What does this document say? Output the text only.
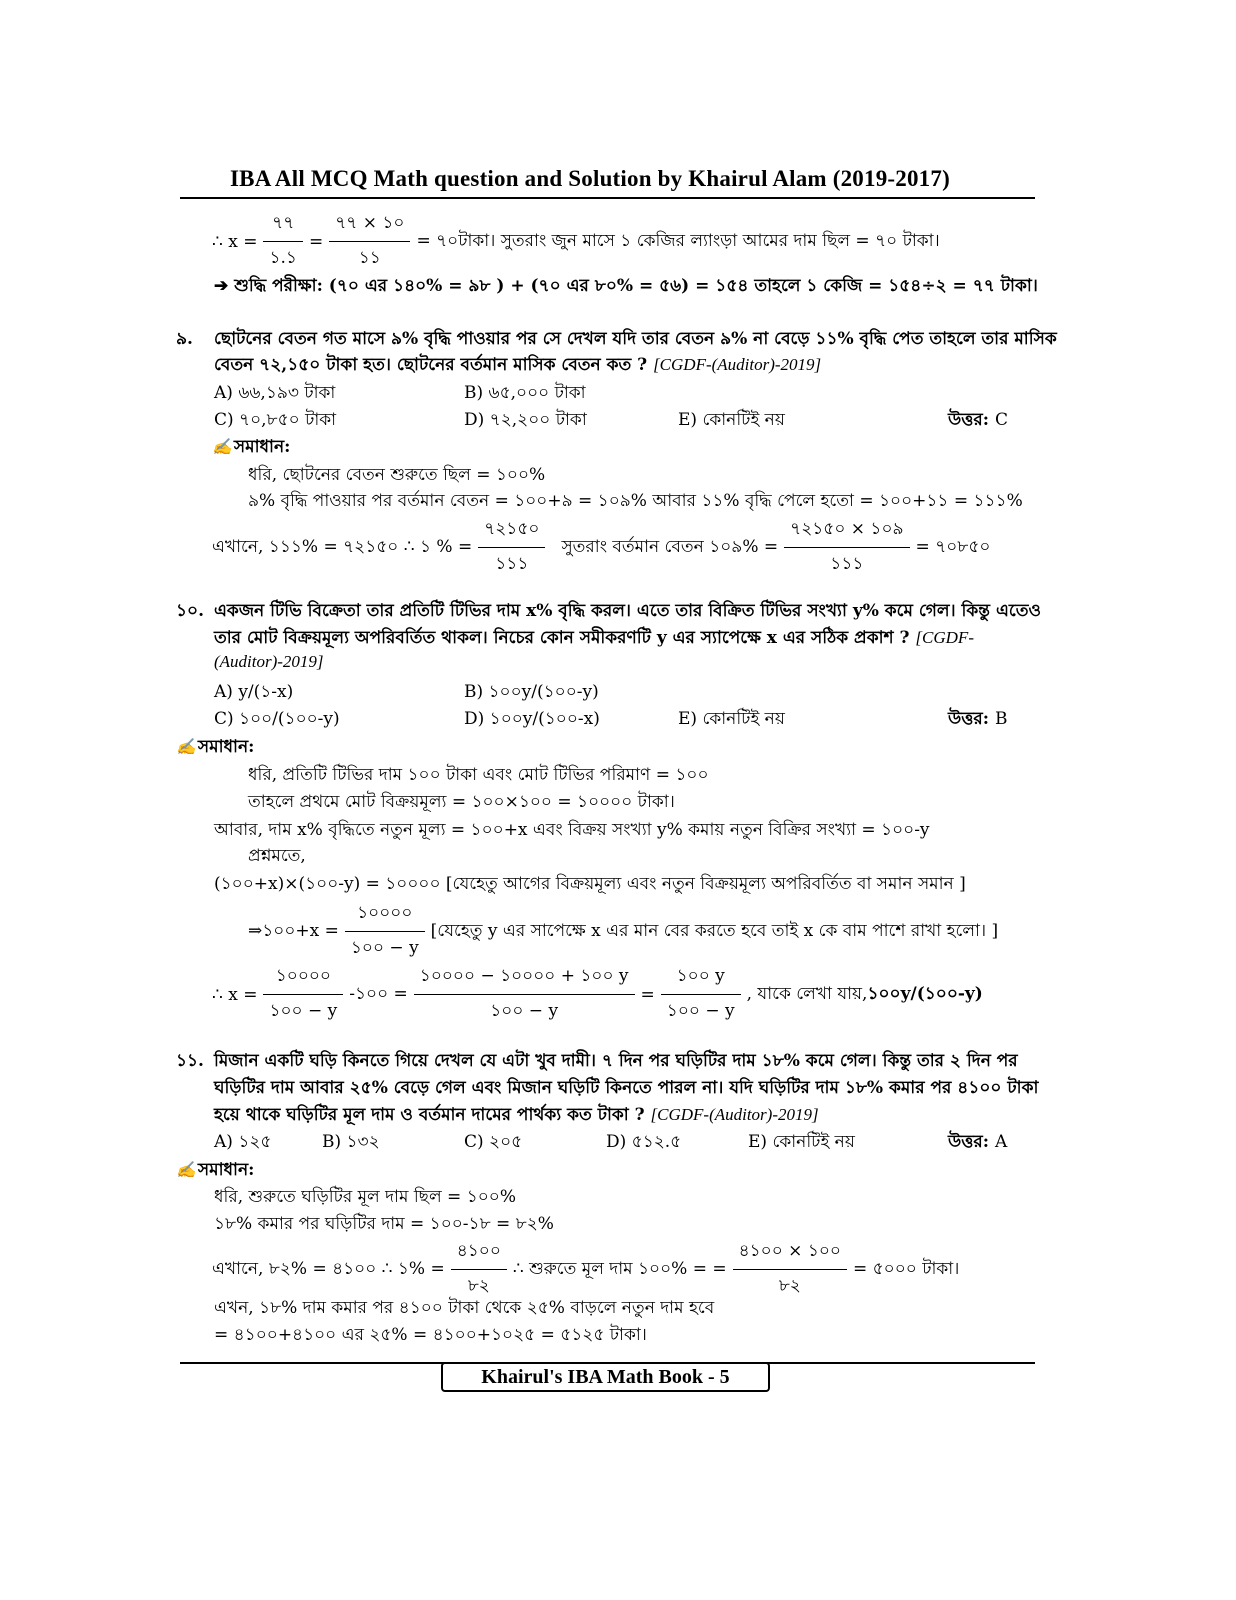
IBA All MCQ Math question and Solution by Khairul Alam (2019-2017)
∴ $x = \frac{৭৭}{১.১} = \frac{৭৭ \times ১০}{১১}$ = ৭০টাকা। সুতরাং জুন মাসে ১ কেজির ল্যাংড়া আমের দাম ছিল = ৭০ টাকা।
➔ শুদ্ধি পরীক্ষা: (৭০ এর ১৪০% = ৯৮ ) + (৭০ এর ৮০% = ৫৬) = ১৫৪ তাহলে ১ কেজি = ১৫৪÷২ = ৭৭ টাকা।
৯. ছোটনের বেতন গত মাসে ৯% বৃদ্ধি পাওয়ার পর সে দেখল যদি তার বেতন ৯% না বেড়ে ১১% বৃদ্ধি পেত তাহলে তার মাসিক
বেতন ৭২,১৫০ টাকা হত। ছোটনের বর্তমান মাসিক বেতন কত ? [CGDF-(Auditor)-2019]
A) ৬৬,১৯৩ টাকা	B) ৬৫,০০০ টাকা
C) ৭০,৮৫০ টাকা	D) ৭২,২০০ টাকা	E) কোনটিই নয়	উত্তর: C
✍ সমাধান:
ধরি, ছোটনের বেতন শুরুতে ছিল = ১০০%
৯% বৃদ্ধি পাওয়ার পর বর্তমান বেতন = ১০০+৯ = ১০৯% আবার ১১% বৃদ্ধি পেলে হতো = ১০০+১১ = ১১১%
এখানে, ১১১% = ৭২১৫০ ∴ ১ % = $\frac{৭২১৫০}{১১১}$ সুতরাং বর্তমান বেতন ১০৯% = $\frac{৭২১৫০ \times ১০৯}{১১১}$ = ৭০৮৫০
১০. একজন টিভি বিক্রেতা তার প্রতিটি টিভির দাম x% বৃদ্ধি করল। এতে তার বিক্রিত টিভির সংখ্যা y% কমে গেল। কিন্তু এতেও
তার মোট বিক্রয়মূল্য অপরিবর্তিত থাকল। নিচের কোন সমীকরণটি y এর স্যাপেক্ষে x এর সঠিক প্রকাশ ? [CGDF-
(Auditor)-2019]
A) y/(১-x)	B) ১০০y/(১০০-y)
C) ১০০/(১০০-y)	D) ১০০y/(১০০-x)	E) কোনটিই নয়	উত্তর: B
✍ সমাধান:
ধরি, প্রতিটি টিভির দাম ১০০ টাকা এবং মোট টিভির পরিমাণ = ১০০
তাহলে প্রথমে মোট বিক্রয়মূল্য = ১০০×১০০ = ১০০০০ টাকা।
আবার, দাম x% বৃদ্ধিতে নতুন মূল্য = ১০০+x এবং বিক্রয় সংখ্যা y% কমায় নতুন বিক্রির সংখ্যা = ১০০-y
প্রশ্নমতে,
(১০০+x)×(১০০-y) = ১০০০০ [যেহেতু আগের বিক্রয়মূল্য এবং নতুন বিক্রয়মূল্য অপরিবর্তিত বা সমান সমান ]
⇒১০০+x = $\frac{১০০০০}{১০০ - y}$ [যেহেতু y এর সাপেক্ষে x এর মান বের করতে হবে তাই x কে বাম পাশে রাখা হলো। ]
∴ $x = \frac{১০০০০}{১০০ - y}$ -১০০ = $\frac{১০০০০ - ১০০০০ + ১০০ y}{১০০ - y} = \frac{১০০ y}{১০০ - y}$ , যাকে লেখা যায়, ১০০y/(১০০-y)
১১. মিজান একটি ঘড়ি কিনতে গিয়ে দেখল যে এটা খুব দামী। ৭ দিন পর ঘড়িটির দাম ১৮% কমে গেল। কিন্তু তার ২ দিন পর
ঘড়িটির দাম আবার ২৫% বেড়ে গেল এবং মিজান ঘড়িটি কিনতে পারল না। যদি ঘড়িটির দাম ১৮% কমার পর ৪১০০ টাকা
হয়ে থাকে ঘড়িটির মূল দাম ও বর্তমান দামের পার্থক্য কত টাকা ? [CGDF-(Auditor)-2019]
A) ১২৫	B) ১৩২	C) ২০৫	D) ৫১২.৫	E) কোনটিই নয়	উত্তর: A
✍ সমাধান:
ধরি, শুরুতে ঘড়িটির মূল দাম ছিল = ১০০%
১৮% কমার পর ঘড়িটির দাম = ১০০-১৮ = ৮২%
এখানে, ৮২% = ৪১০০ ∴ ১% = $\frac{৪১০০}{৮২}$ ∴ শুরুতে মূল দাম ১০০% = = $\frac{৪১০০ \times ১০০}{৮২}$ = ৫০০০ টাকা।
এখন, ১৮% দাম কমার পর ৪১০০ টাকা থেকে ২৫% বাড়লে নতুন দাম হবে
= ৪১০০+৪১০০ এর ২৫% = ৪১০০+১০২৫ = ৫১২৫ টাকা।
Khairul's IBA Math Book - 5
